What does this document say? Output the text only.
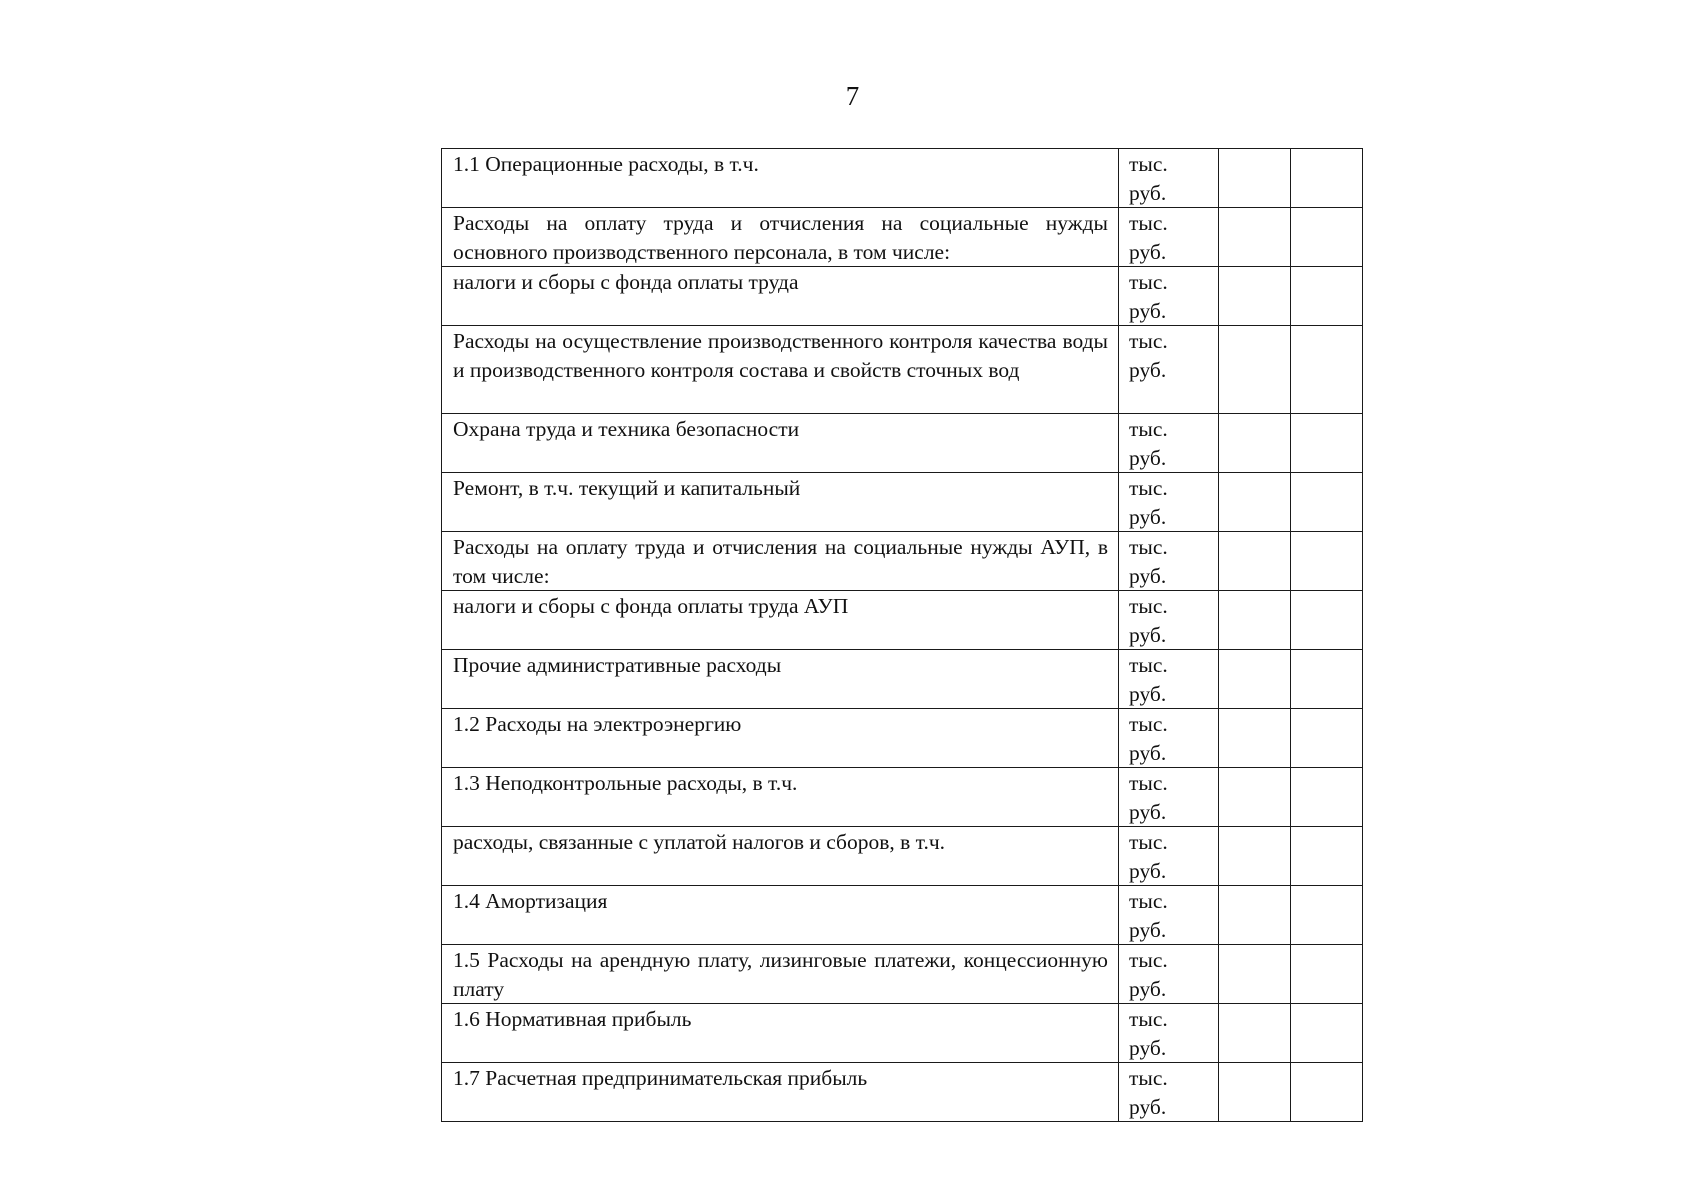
7
1.1 Операционные расходы, в т.ч.	тыс.
руб.		

Расходы на оплату труда и отчисления на социальные нужды основного производственного персонала, в том числе:	тыс.
руб.		

налоги и сборы с фонда оплаты труда	тыс.
руб.		

Расходы на осуществление производственного контроля качества воды и производственного контроля состава и свойств сточных вод	тыс.
руб.		

Охрана труда и техника безопасности	тыс.
руб.		

Ремонт, в т.ч. текущий и капитальный	тыс.
руб.		

Расходы на оплату труда и отчисления на социальные нужды АУП, в том числе:	тыс.
руб.		

налоги и сборы с фонда оплаты труда АУП	тыс.
руб.		

Прочие административные расходы	тыс.
руб.		

1.2 Расходы на электроэнергию	тыс.
руб.		

1.3 Неподконтрольные расходы, в т.ч.	тыс.
руб.		

расходы, связанные с уплатой налогов и сборов, в т.ч.	тыс.
руб.		

1.4 Амортизация	тыс.
руб.		

1.5 Расходы на арендную плату, лизинговые платежи, концессионную плату	тыс.
руб.		

1.6 Нормативная прибыль	тыс.
руб.		

1.7 Расчетная предпринимательская прибыль	тыс.
руб.		
